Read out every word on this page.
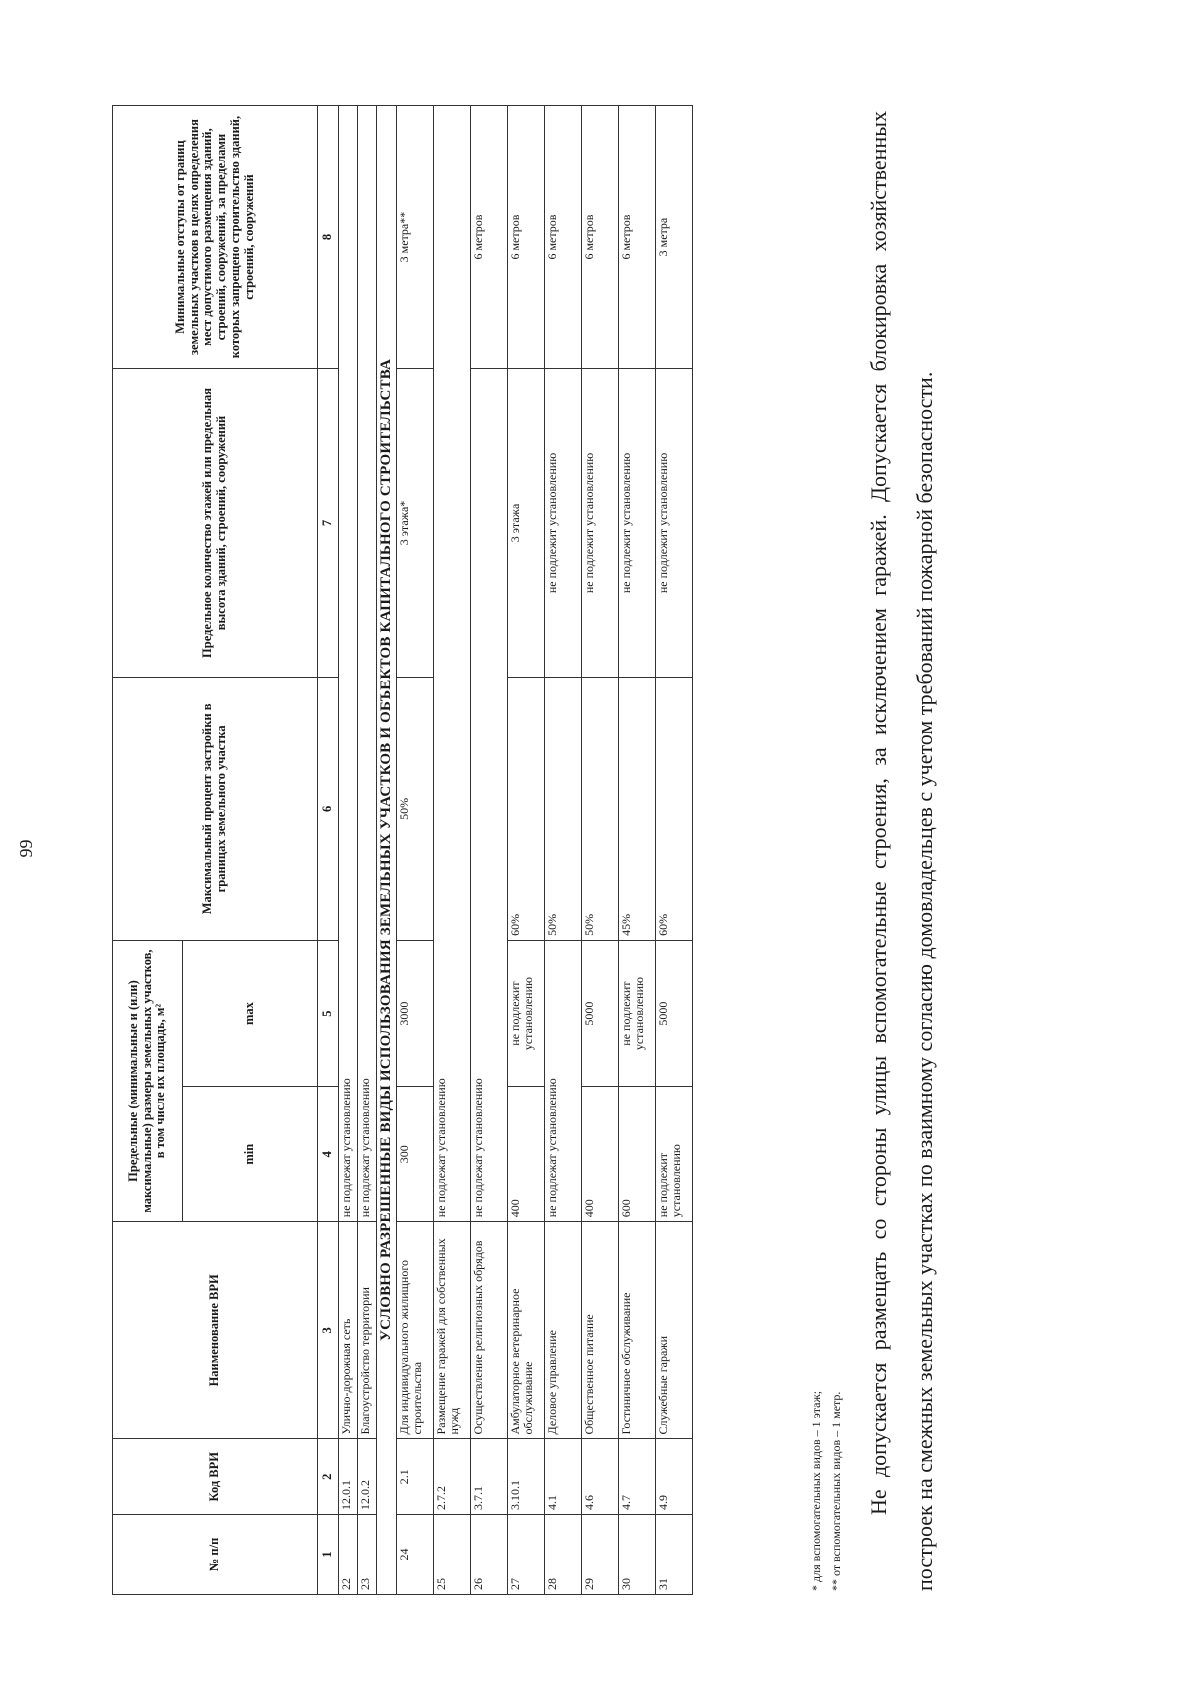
99
№ п/п	Код ВРИ	Наименование ВРИ	Предельные (минимальные и (или) максимальные) размеры земельных участков, в том числе их площадь, м²		Максимальный процент застройки в границах земельного участка	Предельное количество этажей или предельная высота зданий, строений, сооружений	Минимальные отступы от границ земельных участков в целях определения мест допустимого размещения зданий, строений, сооружений, за пределами которых запрещено строительство зданий, строений, сооружений
			min	max			
1	2	3	4	5	6	7	8
22	12.0.1	Улично-дорожная сеть	не подлежат установлению				
23	12.0.2	Благоустройство территории	не подлежат установлению				
УСЛОВНО РАЗРЕШЕННЫЕ ВИДЫ ИСПОЛЬЗОВАНИЯ ЗЕМЕЛЬНЫХ УЧАСТКОВ И ОБЪЕКТОВ КАПИТАЛЬНОГО СТРОИТЕЛЬСТВА							
24	2.1	Для индивидуального жилищного строительства	300	3000	50%	3 этажа*	3 метра**
25	2.7.2	Размещение гаражей для собственных нужд	не подлежат установлению				
26	3.7.1	Осуществление религиозных обрядов	не подлежат установлению				6 метров
27	3.10.1	Амбулаторное ветеринарное обслуживание	400	не подлежит установлению	60%	3 этажа	6 метров
28	4.1	Деловое управление	не подлежат установлению		50%	не подлежит установлению	6 метров
29	4.6	Общественное питание	400	5000	50%	не подлежит установлению	6 метров
30	4.7	Гостиничное обслуживание	600	не подлежит установлению	45%	не подлежит установлению	6 метров
31	4.9	Служебные гаражи	не подлежит установлению	5000	60%	не подлежит установлению	3 метра
* для вспомогательных видов – 1 этаж; ** от вспомогательных видов – 1 метр.	Не допускается размещать со стороны улицы вспомогательные строения, за исключением гаражей. Допускается блокировка хозяйственных построек на смежных земельных участках по взаимному согласию домовладельцев с учетом требований пожарной безопасности.
